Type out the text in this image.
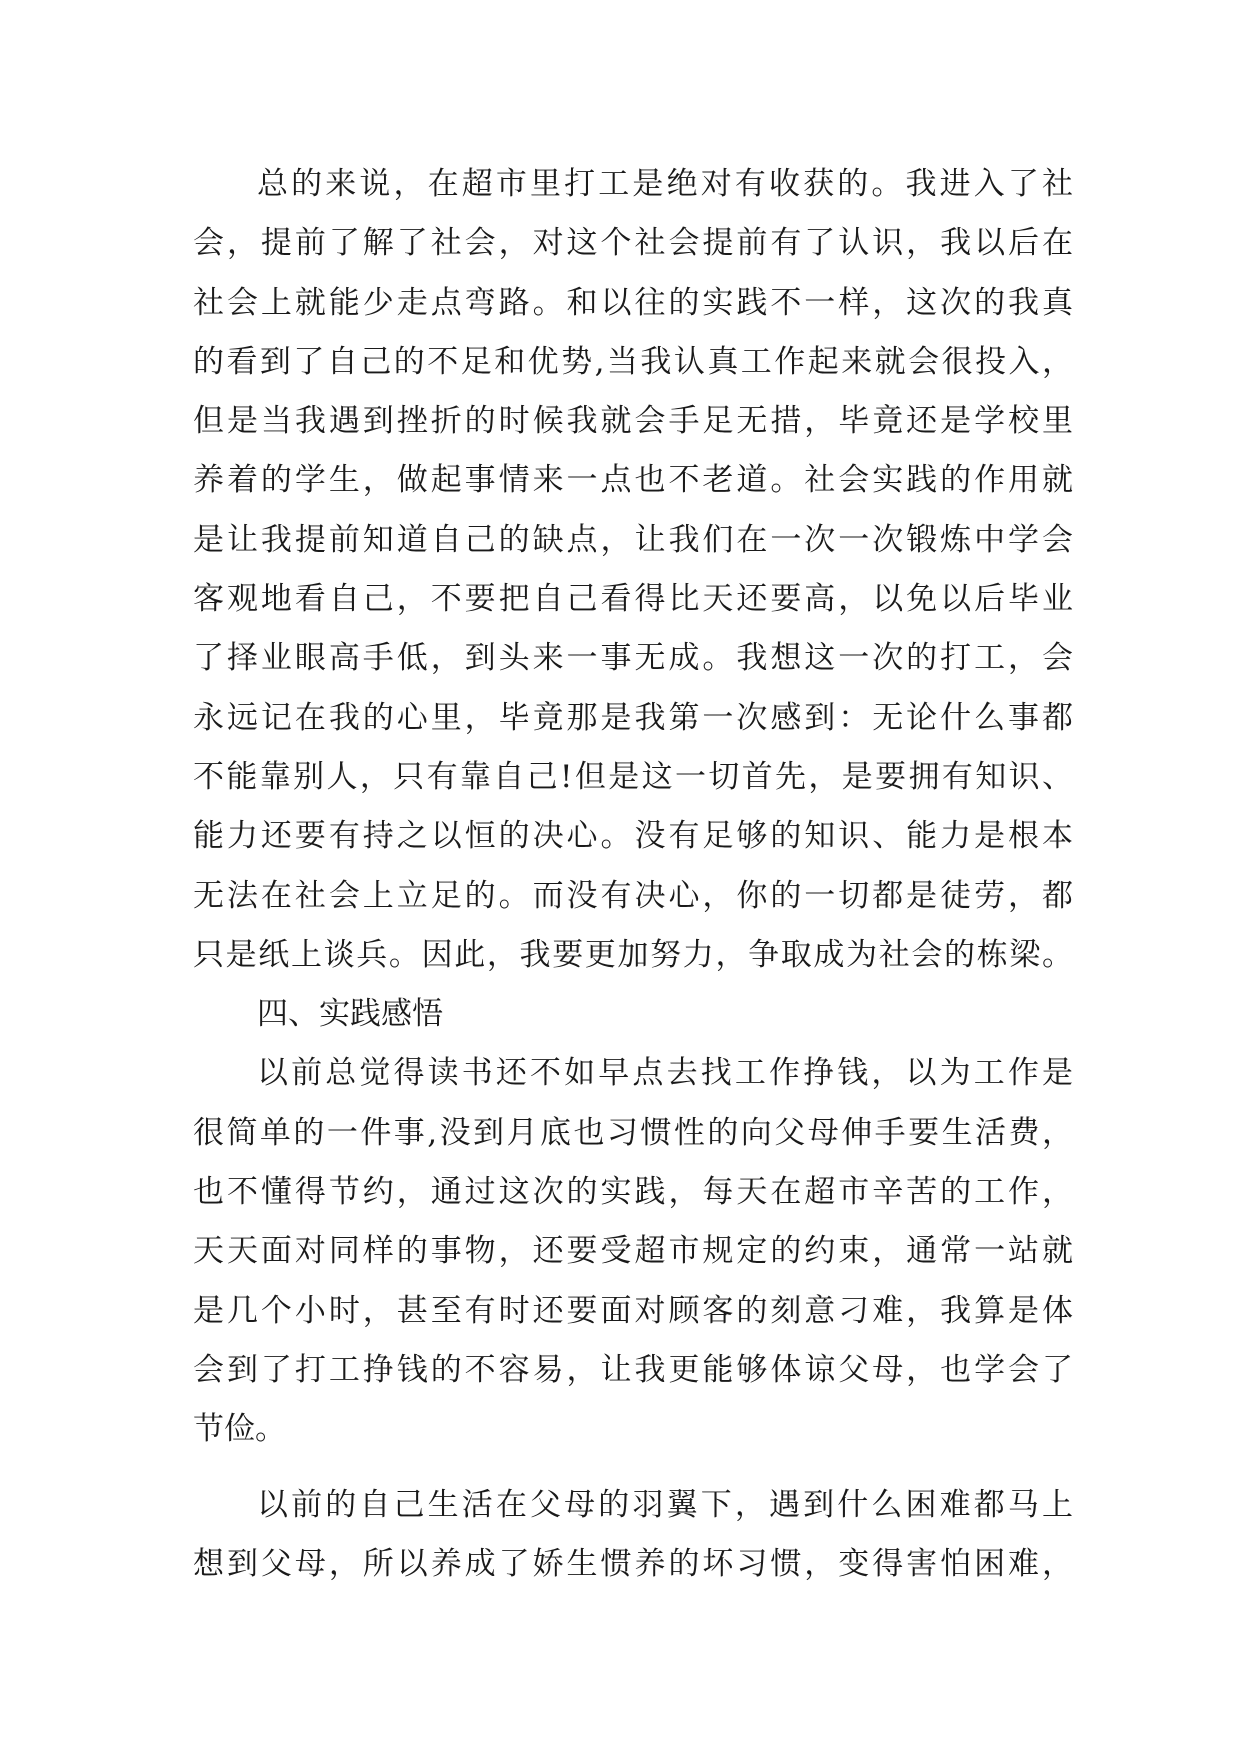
总的来说，在超市里打工是绝对有收获的。我进入了社
会，提前了解了社会，对这个社会提前有了认识，我以后在
社会上就能少走点弯路。和以往的实践不一样，这次的我真
的看到了自己的不足和优势,当我认真工作起来就会很投入，
但是当我遇到挫折的时候我就会手足无措，毕竟还是学校里
养着的学生，做起事情来一点也不老道。社会实践的作用就
是让我提前知道自己的缺点，让我们在一次一次锻炼中学会
客观地看自己，不要把自己看得比天还要高，以免以后毕业
了择业眼高手低，到头来一事无成。我想这一次的打工，会
永远记在我的心里，毕竟那是我第一次感到：无论什么事都
不能靠别人，只有靠自己!但是这一切首先，是要拥有知识、
能力还要有持之以恒的决心。没有足够的知识、能力是根本
无法在社会上立足的。而没有决心，你的一切都是徒劳，都
只是纸上谈兵。因此，我要更加努力，争取成为社会的栋梁。
四、实践感悟
以前总觉得读书还不如早点去找工作挣钱，以为工作是
很简单的一件事,没到月底也习惯性的向父母伸手要生活费，
也不懂得节约，通过这次的实践，每天在超市辛苦的工作，
天天面对同样的事物，还要受超市规定的约束，通常一站就
是几个小时，甚至有时还要面对顾客的刻意刁难，我算是体
会到了打工挣钱的不容易，让我更能够体谅父母，也学会了
节俭。
以前的自己生活在父母的羽翼下，遇到什么困难都马上
想到父母，所以养成了娇生惯养的坏习惯，变得害怕困难，
